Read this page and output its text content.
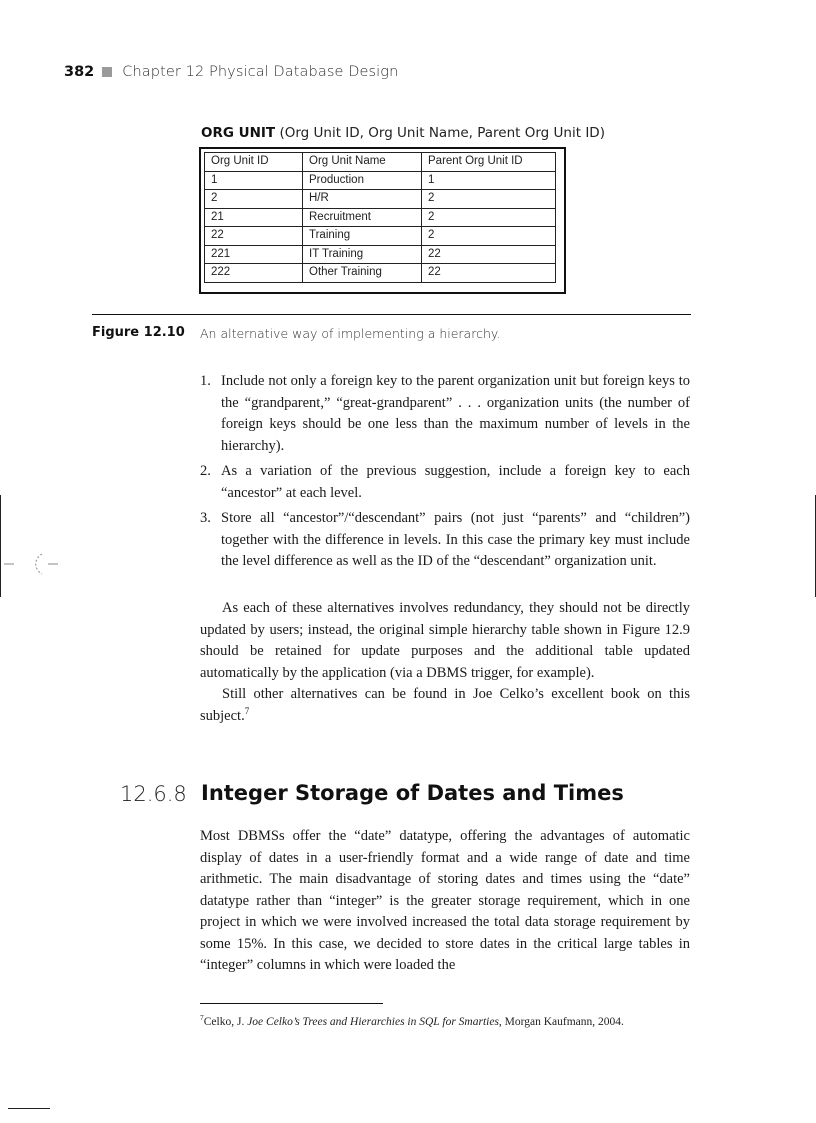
382 Chapter 12 Physical Database Design
ORG UNIT (Org Unit ID, Org Unit Name, Parent Org Unit ID)
Org Unit ID	Org Unit Name	Parent Org Unit ID
1	Production	1
2	H/R	2
21	Recruitment	2
22	Training	2
221	IT Training	22
222	Other Training	22
Figure 12.10 An alternative way of implementing a hierarchy.
1. Include not only a foreign key to the parent organization unit but foreign keys to the “grandparent,” “great-grandparent” . . . organization units (the number of foreign keys should be one less than the maximum number of levels in the hierarchy).
2. As a variation of the previous suggestion, include a foreign key to each “ancestor” at each level.
3. Store all “ancestor”/“descendant” pairs (not just “parents” and “children”) together with the difference in levels. In this case the primary key must include the level difference as well as the ID of the “descendant” organization unit.

As each of these alternatives involves redundancy, they should not be directly updated by users; instead, the original simple hierarchy table shown in Figure 12.9 should be retained for update purposes and the additional table updated automatically by the application (via a DBMS trigger, for example).

Still other alternatives can be found in Joe Celko’s excellent book on this subject.$^7$

12.6.8 Integer Storage of Dates and Times

Most DBMSs offer the “date” datatype, offering the advantages of automatic display of dates in a user-friendly format and a wide range of date and time arithmetic. The main disadvantage of storing dates and times using the “date” datatype rather than “integer” is the greater storage requirement, which in one project in which we were involved increased the total data storage requirement by some 15%. In this case, we decided to store dates in the critical large tables in “integer” columns in which were loaded the

$^7$Celko, J. Joe Celko’s Trees and Hierarchies in SQL for Smarties, Morgan Kaufmann, 2004.
